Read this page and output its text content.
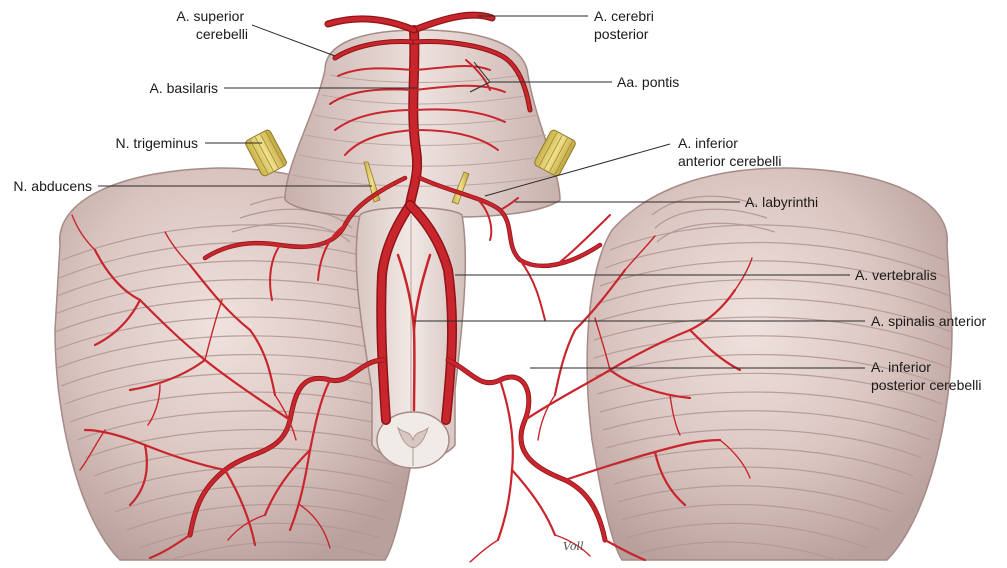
A. superior cerebelli
A. cerebri posterior
Aa. pontis
A. basilaris
N. trigeminus	A. inferior anterior cerebelli
N. abducens
A. labyrinthi
A. vertebralis
A. spinalis anterior
A. inferior posterior cerebelli
Voll
